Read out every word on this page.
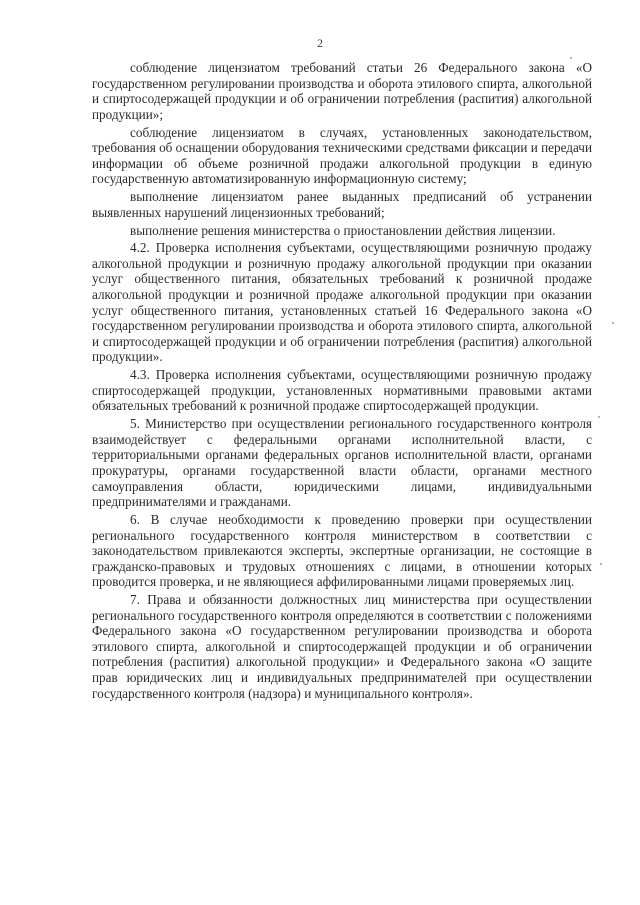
2

соблюдение лицензиатом требований статьи 26 Федерального закона «О государственном регулировании производства и оборота этилового спирта, алкогольной и спиртосодержащей продукции и об ограничении потребления (распития) алкогольной продукции»;

соблюдение лицензиатом в случаях, установленных законодательством, требования об оснащении оборудования техническими средствами фиксации и передачи информации об объеме розничной продажи алкогольной продукции в единую государственную автоматизированную информационную систему;

выполнение лицензиатом ранее выданных предписаний об устранении выявленных нарушений лицензионных требований;

выполнение решения министерства о приостановлении действия лицензии.

4.2. Проверка исполнения субъектами, осуществляющими розничную продажу алкогольной продукции и розничную продажу алкогольной продукции при оказании услуг общественного питания, обязательных требований к розничной продаже алкогольной продукции и розничной продаже алкогольной продукции при оказании услуг общественного питания, установленных статьей 16 Федерального закона «О государственном регулировании производства и оборота этилового спирта, алкогольной и спиртосодержащей продукции и об ограничении потребления (распития) алкогольной продукции».

4.3. Проверка исполнения субъектами, осуществляющими розничную продажу спиртосодержащей продукции, установленных нормативными правовыми актами обязательных требований к розничной продаже спиртосодержащей продукции.

5. Министерство при осуществлении регионального государственного контроля взаимодействует с федеральными органами исполнительной власти, с территориальными органами федеральных органов исполнительной власти, органами прокуратуры, органами государственной власти области, органами местного самоуправления области, юридическими лицами, индивидуальными предпринимателями и гражданами.

6. В случае необходимости к проведению проверки при осуществлении регионального государственного контроля министерством в соответствии с законодательством привлекаются эксперты, экспертные организации, не состоящие в гражданско-правовых и трудовых отношениях с лицами, в отношении которых проводится проверка, и не являющиеся аффилированными лицами проверяемых лиц.

7. Права и обязанности должностных лиц министерства при осуществлении регионального государственного контроля определяются в соответствии с положениями Федерального закона «О государственном регулировании производства и оборота этилового спирта, алкогольной и спиртосодержащей продукции и об ограничении потребления (распития) алкогольной продукции» и Федерального закона «О защите прав юридических лиц и индивидуальных предпринимателей при осуществлении государственного контроля (надзора) и муниципального контроля».
